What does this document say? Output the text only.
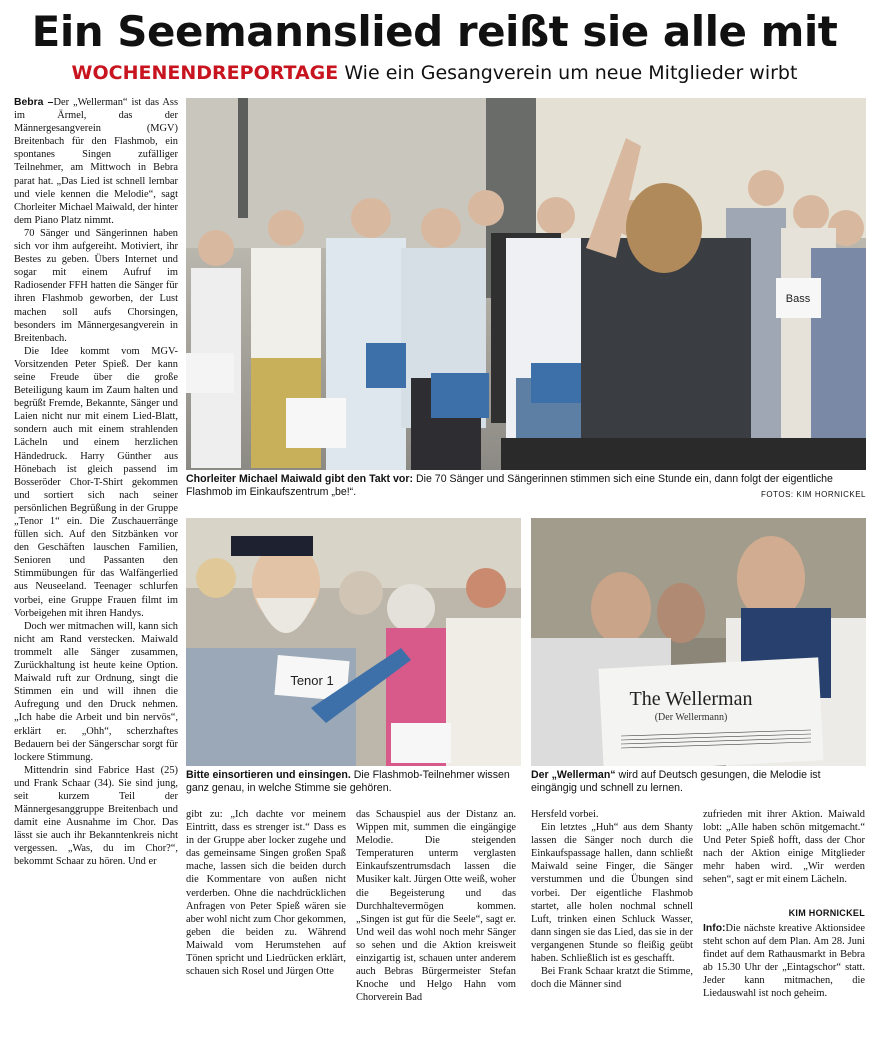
Ein Seemannslied reißt sie alle mit
WOCHENENDREPORTAGE Wie ein Gesangverein um neue Mitglieder wirbt

Bebra –Der „Wellerman“ ist das Ass im Ärmel, das der Männergesangverein (MGV) Breitenbach für den Flashmob, ein spontanes Singen zufälliger Teilnehmer, am Mittwoch in Bebra parat hat. „Das Lied ist schnell lernbar und viele kennen die Melodie“, sagt Chorleiter Michael Maiwald, der hinter dem Piano Platz nimmt.

70 Sänger und Sängerinnen haben sich vor ihm aufgereiht. Motiviert, ihr Bestes zu geben. Übers Internet und sogar mit einem Aufruf im Radiosender FFH hatten die Sänger für ihren Flashmob geworben, der Lust machen soll aufs Chorsingen, besonders im Männergesangverein in Breitenbach.

Die Idee kommt vom MGV-Vorsitzenden Peter Spieß. Der kann seine Freude über die große Beteiligung kaum im Zaum halten und begrüßt Fremde, Bekannte, Sänger und Laien nicht nur mit einem Lied-Blatt, sondern auch mit einem strahlenden Lächeln und einem herzlichen Händedruck. Harry Günther aus Hönebach ist gleich passend im Bosseröder Chor-T-Shirt gekommen und sortiert sich nach seiner persönlichen Begrüßung in der Gruppe „Tenor 1“ ein. Die Zuschauerränge füllen sich. Auf den Sitzbänken vor den Geschäften lauschen Familien, Senioren und Passanten den Stimmübungen für das Walfängerlied aus Neuseeland. Teenager schlurfen vorbei, eine Gruppe Frauen filmt im Vorbeigehen mit ihren Handys.

Doch wer mitmachen will, kann sich nicht am Rand verstecken. Maiwald trommelt alle Sänger zusammen, Zurückhaltung ist heute keine Option. Maiwald ruft zur Ordnung, singt die Stimmen ein und will ihnen die Aufregung und den Druck nehmen. „Ich habe die Arbeit und bin nervös“, erklärt er. „Ohh“, scherzhaftes Bedauern bei der Sängerschar sorgt für lockere Stimmung.

Mittendrin sind Fabrice Hast (25) und Frank Schaar (34). Sie sind jung, seit kurzem Teil der Männergesanggruppe Breitenbach und damit eine Ausnahme im Chor. Das lässt sie auch ihr Bekanntenkreis nicht vergessen. „Was, du im Chor?“, bekommt Schaar zu hören. Und er

Bass
Chorleiter Michael Maiwald gibt den Takt vor: Die 70 Sänger und Sängerinnen stimmen sich eine Stunde ein, dann folgt der eigentliche Flashmob im Einkaufszentrum „be!“.	FOTOS: KIM HORNICKEL
Tenor 1
Bitte einsortieren und einsingen. Die Flashmob-Teilnehmer wissen ganz genau, in welche Stimme sie gehören.
The Wellerman
(Der Wellermann)
Der „Wellerman“ wird auf Deutsch gesungen, die Melodie ist eingängig und schnell zu lernen.

gibt zu: „Ich dachte vor meinem Eintritt, dass es strenger ist.“ Dass es in der Gruppe aber locker zugehe und das gemeinsame Singen großen Spaß mache, lassen sich die beiden durch die Kommentare von außen nicht verderben. Ohne die nachdrücklichen Anfragen von Peter Spieß wären sie aber wohl nicht zum Chor gekommen, geben die beiden zu. Während Maiwald vom Herumstehen auf Tönen spricht und Liedrücken erklärt, schauen sich Rosel und Jürgen Otte

das Schauspiel aus der Distanz an. Wippen mit, summen die eingängige Melodie. Die steigenden Temperaturen unterm verglasten Einkaufszentrumsdach lassen die Musiker kalt. Jürgen Otte weiß, woher die Begeisterung und das Durchhaltevermögen kommen. „Singen ist gut für die Seele“, sagt er. Und weil das wohl noch mehr Sänger so sehen und die Aktion kreisweit einzigartig ist, schauen unter anderem auch Bebras Bürgermeister Stefan Knoche und Helgo Hahn vom Chorverein Bad

Hersfeld vorbei.

Ein letztes „Huh“ aus dem Shanty lassen die Sänger noch durch die Einkaufspassage hallen, dann schließt Maiwald seine Finger, die Sänger verstummen und die Übungen sind vorbei. Der eigentliche Flashmob startet, alle holen nochmal schnell Luft, trinken einen Schluck Wasser, dann singen sie das Lied, das sie in der vergangenen Stunde so fleißig geübt haben. Schließlich ist es geschafft.

Bei Frank Schaar kratzt die Stimme, doch die Männer sind

zufrieden mit ihrer Aktion. Maiwald lobt: „Alle haben schön mitgemacht.“ Und Peter Spieß hofft, dass der Chor nach der Aktion einige Mitglieder mehr haben wird. „Wir werden sehen“, sagt er mit einem Lächeln.

KIM HORNICKEL
Info:Die nächste kreative Aktionsidee steht schon auf dem Plan. Am 28. Juni findet auf dem Rathausmarkt in Bebra ab 15.30 Uhr der „Eintagschor“ statt. Jeder kann mitmachen, die Liedauswahl ist noch geheim.
